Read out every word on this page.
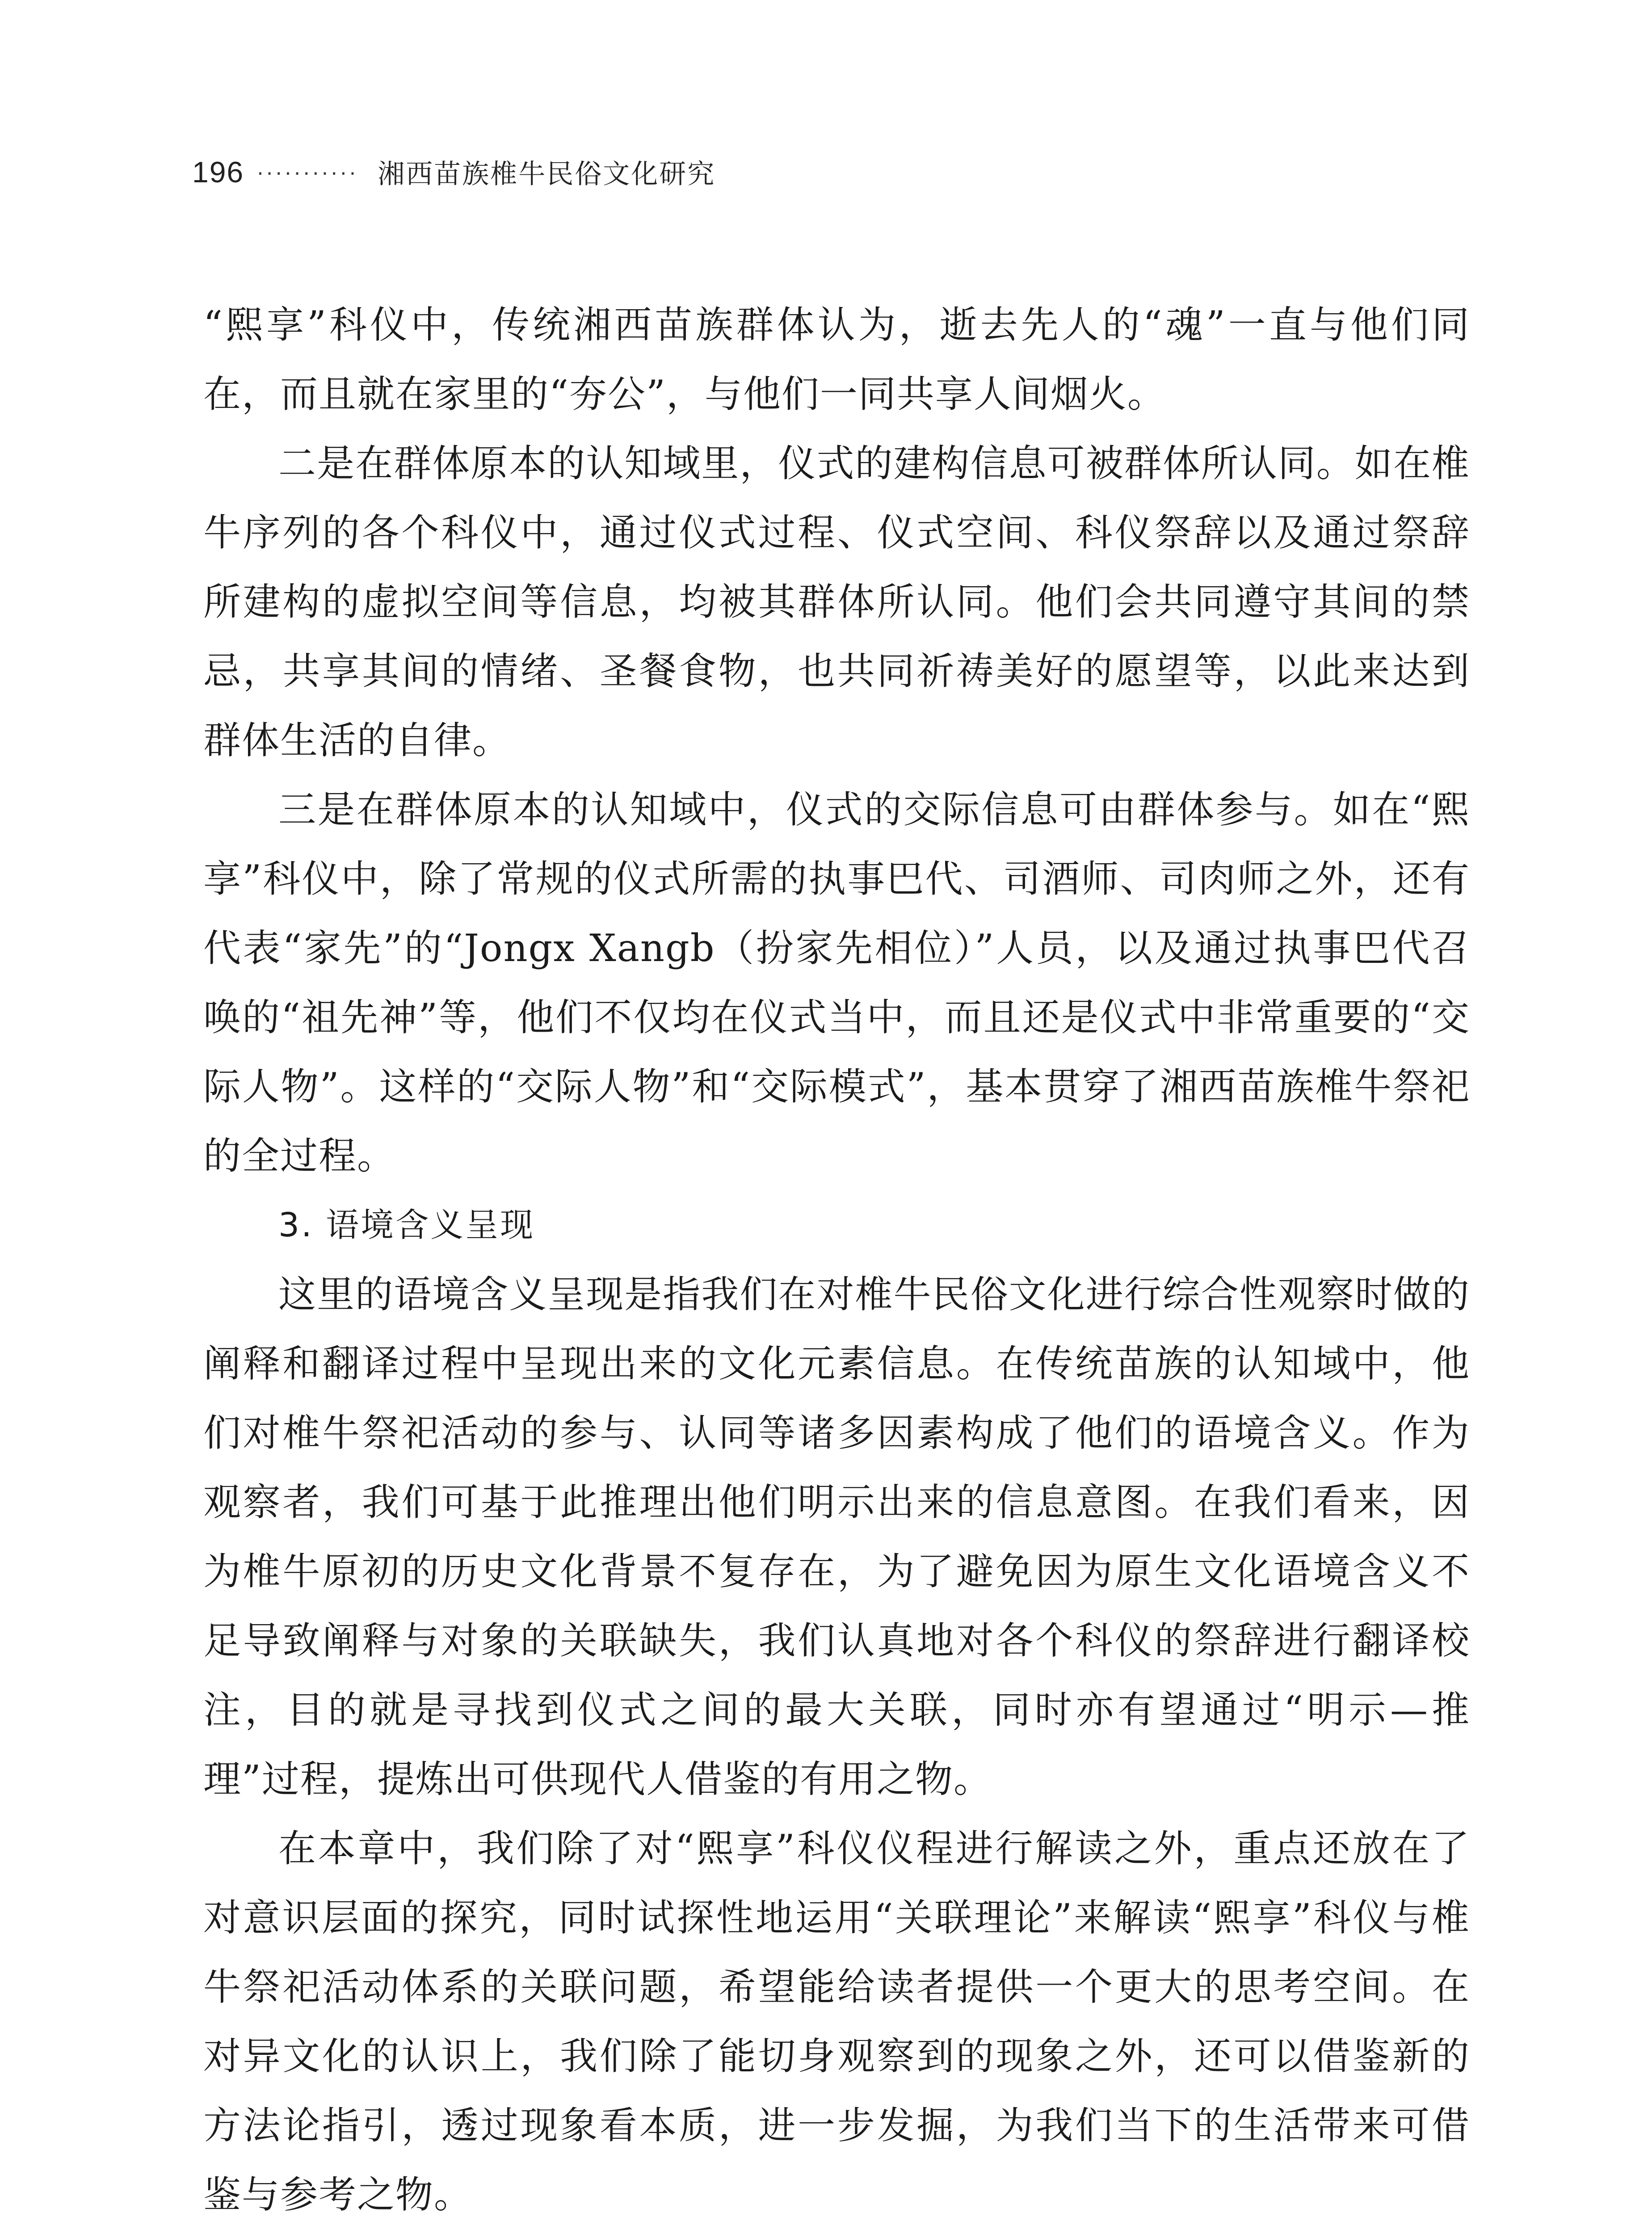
196 ··········· 湘西苗族椎牛民俗文化研究

“熙享”科仪中，传统湘西苗族群体认为，逝去先人的“魂”一直与他们同在，而且就在家里的“夯公”，与他们一同共享人间烟火。

二是在群体原本的认知域里，仪式的建构信息可被群体所认同。如在椎牛序列的各个科仪中，通过仪式过程、仪式空间、科仪祭辞以及通过祭辞所建构的虚拟空间等信息，均被其群体所认同。他们会共同遵守其间的禁忌，共享其间的情绪、圣餐食物，也共同祈祷美好的愿望等，以此来达到群体生活的自律。

三是在群体原本的认知域中，仪式的交际信息可由群体参与。如在“熙享”科仪中，除了常规的仪式所需的执事巴代、司酒师、司肉师之外，还有代表“家先”的“Jongx Xangb（扮家先相位）”人员，以及通过执事巴代召唤的“祖先神”等，他们不仅均在仪式当中，而且还是仪式中非常重要的“交际人物”。这样的“交际人物”和“交际模式”，基本贯穿了湘西苗族椎牛祭祀的全过程。

3. 语境含义呈现

这里的语境含义呈现是指我们在对椎牛民俗文化进行综合性观察时做的阐释和翻译过程中呈现出来的文化元素信息。在传统苗族的认知域中，他们对椎牛祭祀活动的参与、认同等诸多因素构成了他们的语境含义。作为观察者，我们可基于此推理出他们明示出来的信息意图。在我们看来，因为椎牛原初的历史文化背景不复存在，为了避免因为原生文化语境含义不足导致阐释与对象的关联缺失，我们认真地对各个科仪的祭辞进行翻译校注，目的就是寻找到仪式之间的最大关联，同时亦有望通过“明示—推理”过程，提炼出可供现代人借鉴的有用之物。

在本章中，我们除了对“熙享”科仪仪程进行解读之外，重点还放在了对意识层面的探究，同时试探性地运用“关联理论”来解读“熙享”科仪与椎牛祭祀活动体系的关联问题，希望能给读者提供一个更大的思考空间。在对异文化的认识上，我们除了能切身观察到的现象之外，还可以借鉴新的方法论指引，透过现象看本质，进一步发掘，为我们当下的生活带来可借鉴与参考之物。
